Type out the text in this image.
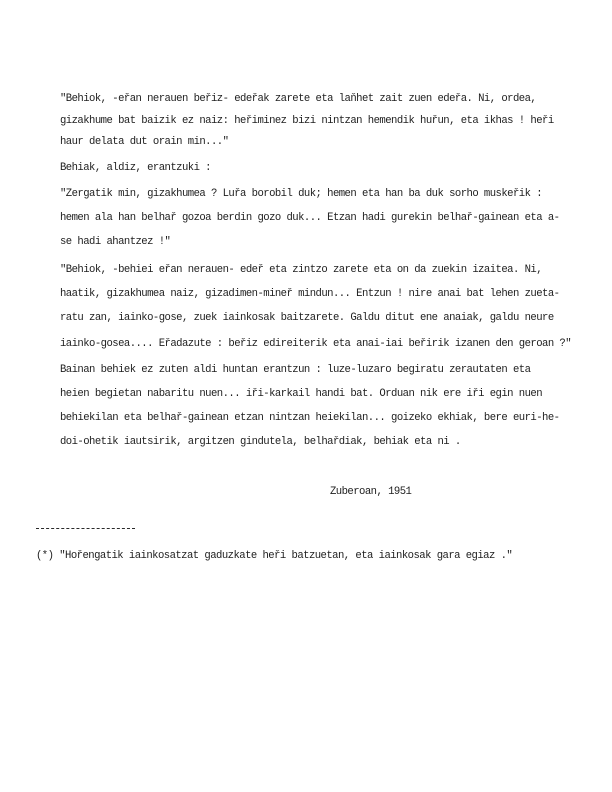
"Behiok, -eřan nerauen beřiz- edeřak zarete eta laňhet zait zuen edeřa. Ni, ordea,
gizakhume bat baizik ez naiz: heřiminez bizi nintzan hemendik huřun, eta ikhas ! heři
haur delata dut orain min..."
Behiak, aldiz, erantzuki :
"Zergatik min, gizakhumea ? Luřa borobil duk; hemen eta han ba duk sorho muskeřik :
hemen ala han belhař gozoa berdin gozo duk... Etzan hadi gurekin belhař-gainean eta a-
se hadi ahantzez !"
"Behiok, -behiei eřan nerauen- edeř eta zintzo zarete eta on da zuekin izaitea. Ni,
haatik, gizakhumea naiz, gizadimen-mineř mindun... Entzun ! nire anai bat lehen zueta-
ratu zan, iainko-gose, zuek iainkosak baitzarete. Galdu ditut ene anaiak, galdu neure
iainko-gosea.... Eřadazute : beřiz edireiterik eta anai-iai beřirik izanen den geroan ?"
Bainan behiek ez zuten aldi huntan erantzun : luze-luzaro begiratu zerautaten eta
heien begietan nabaritu nuen... iři-karkail handi bat. Orduan nik ere iři egin nuen
behiekilan eta belhař-gainean etzan nintzan heiekilan... goizeko ekhiak, bere euri-he-
doi-ohetik iautsirik, argitzen gindutela, belhařdiak, behiak eta ni .
Zuberoan, 1951
(*) "Hořengatik iainkosatzat gaduzkate heři batzuetan, eta iainkosak gara egiaz ."
